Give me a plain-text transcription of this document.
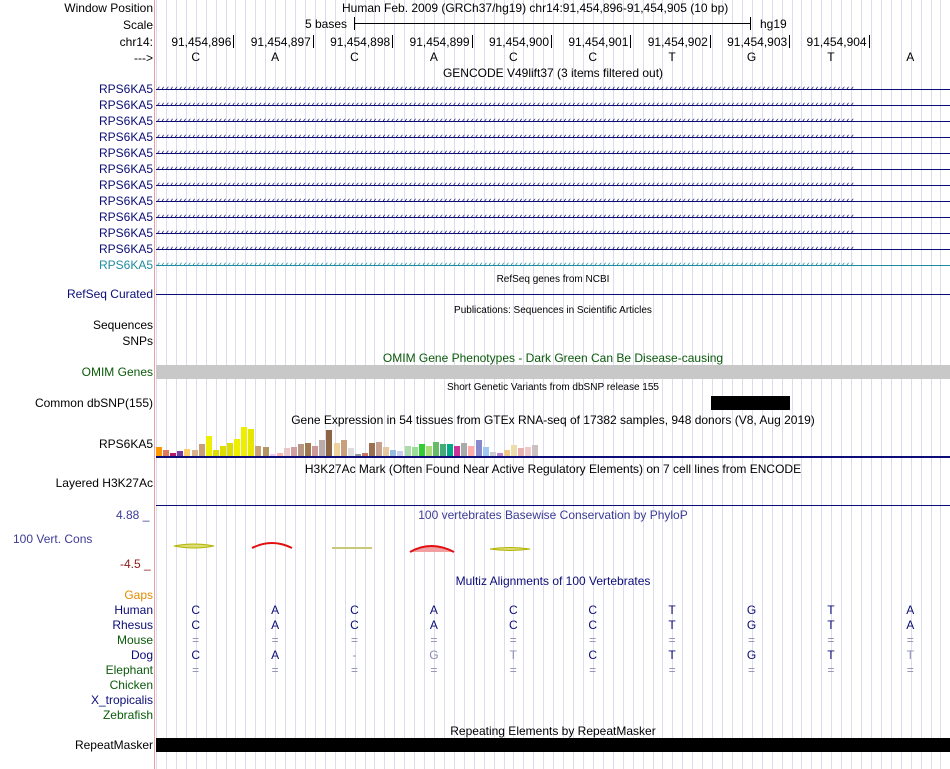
Window Position
Scale
chr14:
--->
Human Feb. 2009 (GRCh37/hg19) chr14:91,454,896-91,454,905 (10 bp)
5 bases	hg19
91,454,896	91,454,897	91,454,898	91,454,899	91,454,900	91,454,901	91,454,902	91,454,903	91,454,904
C	A	C	A	C	C	T	G	T	A
GENCODE V49lift37 (3 items filtered out)
RPS6KA5 ‹‹‹‹‹‹‹‹‹‹‹‹‹‹‹‹‹‹‹‹‹‹‹‹‹‹‹‹‹‹‹‹‹‹‹‹‹‹‹‹‹‹‹‹‹‹‹‹‹‹‹‹‹‹‹‹‹‹‹‹‹‹‹‹‹‹‹‹‹‹‹‹‹‹‹‹‹‹‹‹‹‹‹‹‹‹‹‹‹‹‹‹‹‹‹‹‹‹‹‹‹‹‹‹‹‹‹‹‹‹‹‹‹‹‹‹‹‹‹‹‹‹‹‹‹‹‹‹‹‹‹‹‹‹‹‹‹‹‹‹‹‹‹‹‹‹‹‹‹‹‹‹‹‹‹‹‹‹
RPS6KA5 ‹‹‹‹‹‹‹‹‹‹‹‹‹‹‹‹‹‹‹‹‹‹‹‹‹‹‹‹‹‹‹‹‹‹‹‹‹‹‹‹‹‹‹‹‹‹‹‹‹‹‹‹‹‹‹‹‹‹‹‹‹‹‹‹‹‹‹‹‹‹‹‹‹‹‹‹‹‹‹‹‹‹‹‹‹‹‹‹‹‹‹‹‹‹‹‹‹‹‹‹‹‹‹‹‹‹‹‹‹‹‹‹‹‹‹‹‹‹‹‹‹‹‹‹‹‹‹‹‹‹‹‹‹‹‹‹‹‹‹‹‹‹‹‹‹‹‹‹‹‹‹‹‹‹‹‹‹‹
RPS6KA5 ‹‹‹‹‹‹‹‹‹‹‹‹‹‹‹‹‹‹‹‹‹‹‹‹‹‹‹‹‹‹‹‹‹‹‹‹‹‹‹‹‹‹‹‹‹‹‹‹‹‹‹‹‹‹‹‹‹‹‹‹‹‹‹‹‹‹‹‹‹‹‹‹‹‹‹‹‹‹‹‹‹‹‹‹‹‹‹‹‹‹‹‹‹‹‹‹‹‹‹‹‹‹‹‹‹‹‹‹‹‹‹‹‹‹‹‹‹‹‹‹‹‹‹‹‹‹‹‹‹‹‹‹‹‹‹‹‹‹‹‹‹‹‹‹‹‹‹‹‹‹‹‹‹‹‹‹‹‹
RPS6KA5 ‹‹‹‹‹‹‹‹‹‹‹‹‹‹‹‹‹‹‹‹‹‹‹‹‹‹‹‹‹‹‹‹‹‹‹‹‹‹‹‹‹‹‹‹‹‹‹‹‹‹‹‹‹‹‹‹‹‹‹‹‹‹‹‹‹‹‹‹‹‹‹‹‹‹‹‹‹‹‹‹‹‹‹‹‹‹‹‹‹‹‹‹‹‹‹‹‹‹‹‹‹‹‹‹‹‹‹‹‹‹‹‹‹‹‹‹‹‹‹‹‹‹‹‹‹‹‹‹‹‹‹‹‹‹‹‹‹‹‹‹‹‹‹‹‹‹‹‹‹‹‹‹‹‹‹‹‹‹
RPS6KA5 ‹‹‹‹‹‹‹‹‹‹‹‹‹‹‹‹‹‹‹‹‹‹‹‹‹‹‹‹‹‹‹‹‹‹‹‹‹‹‹‹‹‹‹‹‹‹‹‹‹‹‹‹‹‹‹‹‹‹‹‹‹‹‹‹‹‹‹‹‹‹‹‹‹‹‹‹‹‹‹‹‹‹‹‹‹‹‹‹‹‹‹‹‹‹‹‹‹‹‹‹‹‹‹‹‹‹‹‹‹‹‹‹‹‹‹‹‹‹‹‹‹‹‹‹‹‹‹‹‹‹‹‹‹‹‹‹‹‹‹‹‹‹‹‹‹‹‹‹‹‹‹‹‹‹‹‹‹‹
RPS6KA5 ‹‹‹‹‹‹‹‹‹‹‹‹‹‹‹‹‹‹‹‹‹‹‹‹‹‹‹‹‹‹‹‹‹‹‹‹‹‹‹‹‹‹‹‹‹‹‹‹‹‹‹‹‹‹‹‹‹‹‹‹‹‹‹‹‹‹‹‹‹‹‹‹‹‹‹‹‹‹‹‹‹‹‹‹‹‹‹‹‹‹‹‹‹‹‹‹‹‹‹‹‹‹‹‹‹‹‹‹‹‹‹‹‹‹‹‹‹‹‹‹‹‹‹‹‹‹‹‹‹‹‹‹‹‹‹‹‹‹‹‹‹‹‹‹‹‹‹‹‹‹‹‹‹‹‹‹‹‹
RPS6KA5 ‹‹‹‹‹‹‹‹‹‹‹‹‹‹‹‹‹‹‹‹‹‹‹‹‹‹‹‹‹‹‹‹‹‹‹‹‹‹‹‹‹‹‹‹‹‹‹‹‹‹‹‹‹‹‹‹‹‹‹‹‹‹‹‹‹‹‹‹‹‹‹‹‹‹‹‹‹‹‹‹‹‹‹‹‹‹‹‹‹‹‹‹‹‹‹‹‹‹‹‹‹‹‹‹‹‹‹‹‹‹‹‹‹‹‹‹‹‹‹‹‹‹‹‹‹‹‹‹‹‹‹‹‹‹‹‹‹‹‹‹‹‹‹‹‹‹‹‹‹‹‹‹‹‹‹‹‹‹
RPS6KA5 ‹‹‹‹‹‹‹‹‹‹‹‹‹‹‹‹‹‹‹‹‹‹‹‹‹‹‹‹‹‹‹‹‹‹‹‹‹‹‹‹‹‹‹‹‹‹‹‹‹‹‹‹‹‹‹‹‹‹‹‹‹‹‹‹‹‹‹‹‹‹‹‹‹‹‹‹‹‹‹‹‹‹‹‹‹‹‹‹‹‹‹‹‹‹‹‹‹‹‹‹‹‹‹‹‹‹‹‹‹‹‹‹‹‹‹‹‹‹‹‹‹‹‹‹‹‹‹‹‹‹‹‹‹‹‹‹‹‹‹‹‹‹‹‹‹‹‹‹‹‹‹‹‹‹‹‹‹‹
RPS6KA5 ‹‹‹‹‹‹‹‹‹‹‹‹‹‹‹‹‹‹‹‹‹‹‹‹‹‹‹‹‹‹‹‹‹‹‹‹‹‹‹‹‹‹‹‹‹‹‹‹‹‹‹‹‹‹‹‹‹‹‹‹‹‹‹‹‹‹‹‹‹‹‹‹‹‹‹‹‹‹‹‹‹‹‹‹‹‹‹‹‹‹‹‹‹‹‹‹‹‹‹‹‹‹‹‹‹‹‹‹‹‹‹‹‹‹‹‹‹‹‹‹‹‹‹‹‹‹‹‹‹‹‹‹‹‹‹‹‹‹‹‹‹‹‹‹‹‹‹‹‹‹‹‹‹‹‹‹‹‹
RPS6KA5 ‹‹‹‹‹‹‹‹‹‹‹‹‹‹‹‹‹‹‹‹‹‹‹‹‹‹‹‹‹‹‹‹‹‹‹‹‹‹‹‹‹‹‹‹‹‹‹‹‹‹‹‹‹‹‹‹‹‹‹‹‹‹‹‹‹‹‹‹‹‹‹‹‹‹‹‹‹‹‹‹‹‹‹‹‹‹‹‹‹‹‹‹‹‹‹‹‹‹‹‹‹‹‹‹‹‹‹‹‹‹‹‹‹‹‹‹‹‹‹‹‹‹‹‹‹‹‹‹‹‹‹‹‹‹‹‹‹‹‹‹‹‹‹‹‹‹‹‹‹‹‹‹‹‹‹‹‹‹
RPS6KA5 ‹‹‹‹‹‹‹‹‹‹‹‹‹‹‹‹‹‹‹‹‹‹‹‹‹‹‹‹‹‹‹‹‹‹‹‹‹‹‹‹‹‹‹‹‹‹‹‹‹‹‹‹‹‹‹‹‹‹‹‹‹‹‹‹‹‹‹‹‹‹‹‹‹‹‹‹‹‹‹‹‹‹‹‹‹‹‹‹‹‹‹‹‹‹‹‹‹‹‹‹‹‹‹‹‹‹‹‹‹‹‹‹‹‹‹‹‹‹‹‹‹‹‹‹‹‹‹‹‹‹‹‹‹‹‹‹‹‹‹‹‹‹‹‹‹‹‹‹‹‹‹‹‹‹‹‹‹‹
RPS6KA5 ‹‹‹‹‹‹‹‹‹‹‹‹‹‹‹‹‹‹‹‹‹‹‹‹‹‹‹‹‹‹‹‹‹‹‹‹‹‹‹‹‹‹‹‹‹‹‹‹‹‹‹‹‹‹‹‹‹‹‹‹‹‹‹‹‹‹‹‹‹‹‹‹‹‹‹‹‹‹‹‹‹‹‹‹‹‹‹‹‹‹‹‹‹‹‹‹‹‹‹‹‹‹‹‹‹‹‹‹‹‹‹‹‹‹‹‹‹‹‹‹‹‹‹‹‹‹‹‹‹‹‹‹‹‹‹‹‹‹‹‹‹‹‹‹‹‹‹‹‹‹‹‹‹‹‹‹‹‹
RefSeq genes from NCBI
RefSeq Curated
Publications: Sequences in Scientific Articles
Sequences
SNPs
OMIM Gene Phenotypes - Dark Green Can Be Disease-causing
OMIM Genes
Short Genetic Variants from dbSNP release 155
Common dbSNP(155)
Gene Expression in 54 tissues from GTEx RNA-seq of 17382 samples, 948 donors (V8, Aug 2019)
RPS6KA5
H3K27Ac Mark (Often Found Near Active Regulatory Elements) on 7 cell lines from ENCODE
Layered H3K27Ac
100 vertebrates Basewise Conservation by PhyloP
4.88 _
100 Vert. Cons
-4.5 _
Multiz Alignments of 100 Vertebrates
Gaps
Human	C	A	C	A	C	C	T	G	T	A
Rhesus	C	A	C	A	C	C	T	G	T	A
Mouse	=	=	=	=	=	=	=	=	=	=
Dog	C	A	-	G	T	C	T	G	T	T
Elephant	=	=	=	=	=	=	=	=	=	=
Chicken
X_tropicalis
Zebrafish
Repeating Elements by RepeatMasker
RepeatMasker
